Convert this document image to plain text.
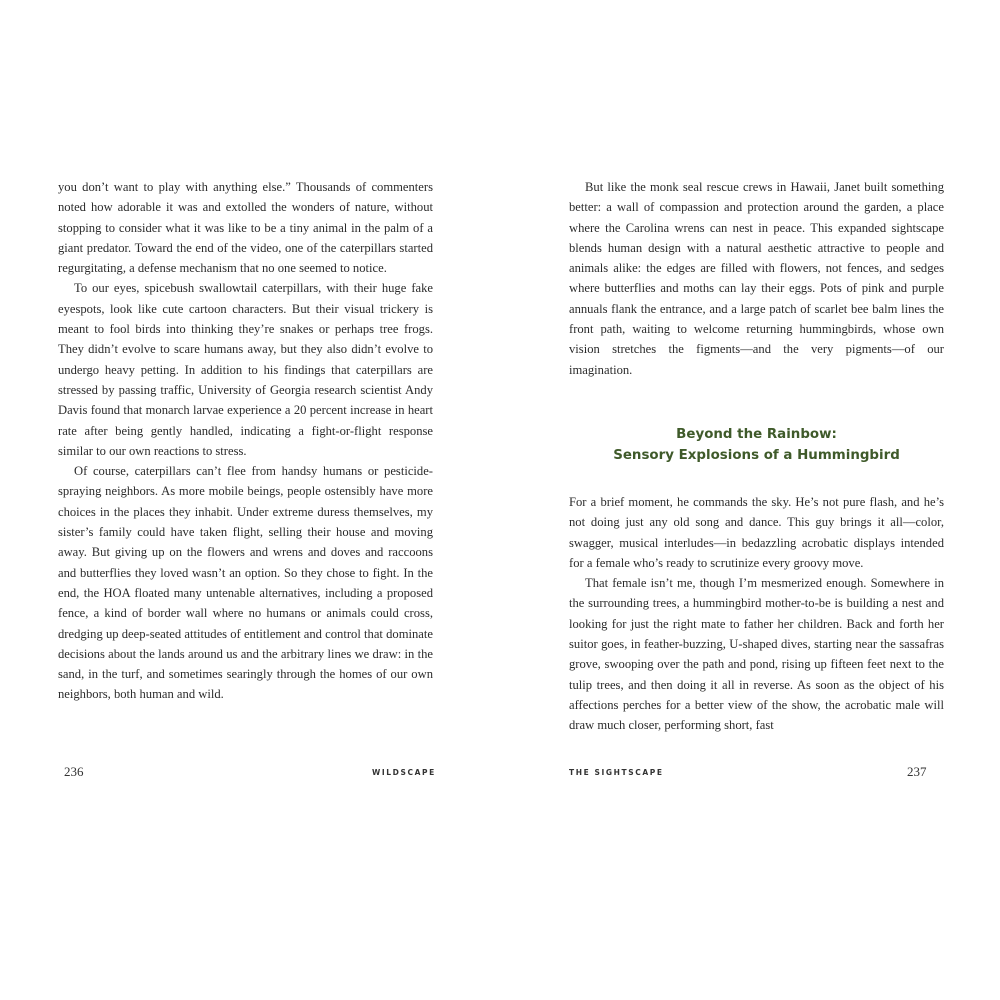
you don’t want to play with anything else.” Thousands of commenters noted how adorable it was and extolled the wonders of nature, without stopping to consider what it was like to be a tiny animal in the palm of a giant predator. Toward the end of the video, one of the caterpillars started regurgitating, a defense mechanism that no one seemed to notice.

To our eyes, spicebush swallowtail caterpillars, with their huge fake eyespots, look like cute cartoon characters. But their visual trickery is meant to fool birds into thinking they’re snakes or perhaps tree frogs. They didn’t evolve to scare humans away, but they also didn’t evolve to undergo heavy petting. In addition to his findings that caterpillars are stressed by passing traffic, University of Georgia research scientist Andy Davis found that monarch larvae experience a 20 percent increase in heart rate after being gently handled, indicating a fight-or-flight response similar to our own reactions to stress.

Of course, caterpillars can’t flee from handsy humans or pesticide-spraying neighbors. As more mobile beings, people ostensibly have more choices in the places they inhabit. Under extreme duress themselves, my sister’s family could have taken flight, selling their house and moving away. But giving up on the flowers and wrens and doves and raccoons and butterflies they loved wasn’t an option. So they chose to fight. In the end, the HOA floated many untenable alternatives, including a proposed fence, a kind of border wall where no humans or animals could cross, dredging up deep-seated attitudes of entitlement and control that dominate decisions about the lands around us and the arbitrary lines we draw: in the sand, in the turf, and sometimes searingly through the homes of our own neighbors, both human and wild.

236	WILDSCAPE

But like the monk seal rescue crews in Hawaii, Janet built something better: a wall of compassion and protection around the garden, a place where the Carolina wrens can nest in peace. This expanded sightscape blends human design with a natural aesthetic attractive to people and animals alike: the edges are filled with flowers, not fences, and sedges where butterflies and moths can lay their eggs. Pots of pink and purple annuals flank the entrance, and a large patch of scarlet bee balm lines the front path, waiting to welcome returning hummingbirds, whose own vision stretches the figments—and the very pigments—of our imagination.

Beyond the Rainbow:
Sensory Explosions of a Hummingbird

For a brief moment, he commands the sky. He’s not pure flash, and he’s not doing just any old song and dance. This guy brings it all—color, swagger, musical interludes—in bedazzling acrobatic displays intended for a female who’s ready to scrutinize every groovy move.

That female isn’t me, though I’m mesmerized enough. Somewhere in the surrounding trees, a hummingbird mother-to-be is building a nest and looking for just the right mate to father her children. Back and forth her suitor goes, in feather-buzzing, U-shaped dives, starting near the sassafras grove, swooping over the path and pond, rising up fifteen feet next to the tulip trees, and then doing it all in reverse. As soon as the object of his affections perches for a better view of the show, the acrobatic male will draw much closer, performing short, fast

THE SIGHTSCAPE	237
